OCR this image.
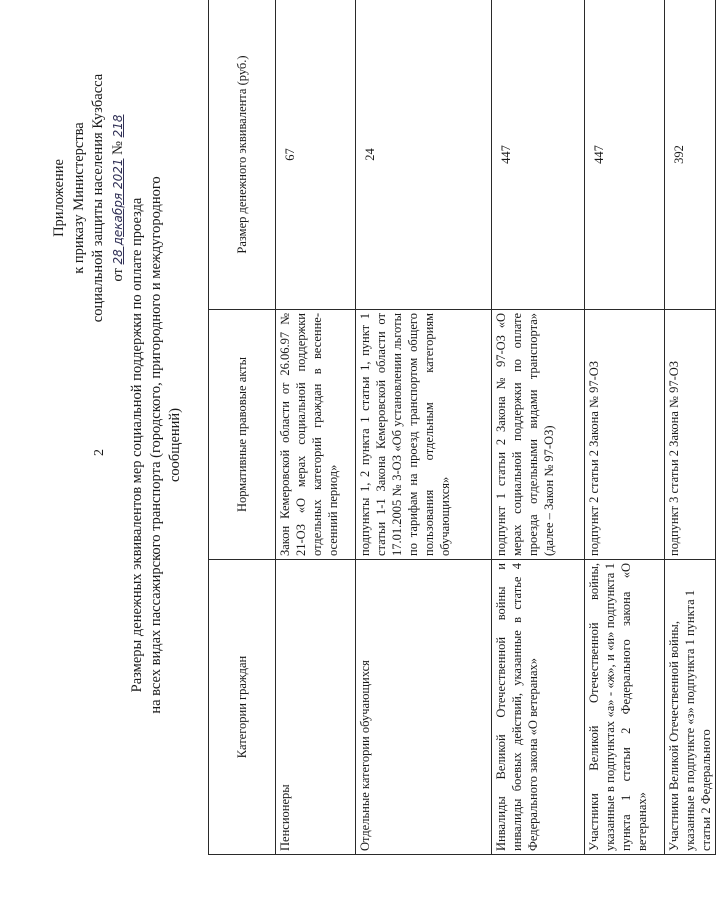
2
Приложение к приказу Министерства социальной защиты населения Кузбасса от 28 декабря 2021 № 218
Размеры денежных эквивалентов мер социальной поддержки по оплате проезда на всех видах пассажирского транспорта (городского, пригородного и междугородного сообщений)
Категории граждан	Нормативные правовые акты	Размер денежного эквивалента (руб.)
Пенсионеры	Закон Кемеровской области от 26.06.97 № 21-ОЗ «О мерах социальной поддержки отдельных категорий граждан в весенне-осенний период»	67
Отдельные категории обучающихся	подпункты 1, 2 пункта 1 статьи 1, пункт 1 статьи 1-1 Закона Кемеровской области от 17.01.2005 № 3-ОЗ «Об установлении льготы по тарифам на проезд транспортом общего пользования отдельным категориям обучающихся»	24
Инвалиды Великой Отечественной войны и инвалиды боевых действий, указанные в статье 4 Федерального закона «О ветеранах»	подпункт 1 статьи 2 Закона № 97-ОЗ «О мерах социальной поддержки по оплате проезда отдельными видами транспорта» (далее – Закон № 97-ОЗ)	447
Участники Великой Отечественной войны, указанные в подпунктах «а» - «ж», и «и» подпункта 1 пункта 1 статьи 2 Федерального закона «О ветеранах»	подпункт 2 статьи 2 Закона № 97-ОЗ	447
Участники Великой Отечественной войны, указанные в подпункте «з» подпункта 1 пункта 1 статьи 2 Федерального	подпункт 3 статьи 2 Закона № 97-ОЗ	392
